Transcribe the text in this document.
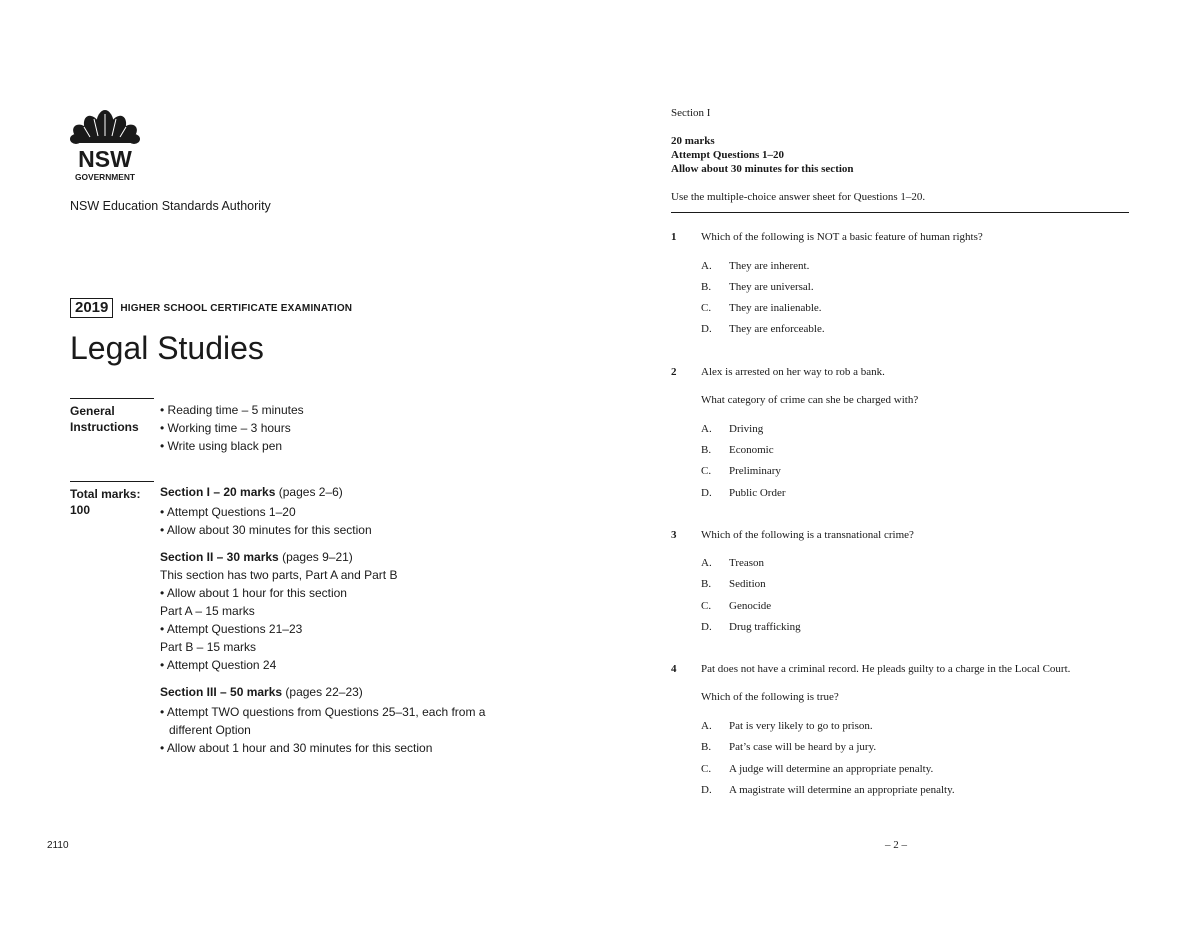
NSW
GOVERNMENT
NSW Education Standards Authority
2019	HIGHER SCHOOL CERTIFICATE EXAMINATION
Legal Studies
General
Instructions
• Reading time – 5 minutes
• Working time – 3 hours
• Write using black pen
Total marks:
100
Section I – 20 marks (pages 2–6)
• Attempt Questions 1–20
• Allow about 30 minutes for this section
Section II – 30 marks (pages 9–21)
This section has two parts, Part A and Part B
• Allow about 1 hour for this section
Part A – 15 marks
• Attempt Questions 21–23
Part B – 15 marks
• Attempt Question 24
Section III – 50 marks (pages 22–23)
• Attempt TWO questions from Questions 25–31, each from a different Option
• Allow about 1 hour and 30 minutes for this section
2110
Section I
20 marks
Attempt Questions 1–20
Allow about 30 minutes for this section
Use the multiple-choice answer sheet for Questions 1–20.
1 Which of the following is NOT a basic feature of human rights?
A. They are inherent.
B. They are universal.
C. They are inalienable.
D. They are enforceable.
2 Alex is arrested on her way to rob a bank.
What category of crime can she be charged with?
A. Driving
B. Economic
C. Preliminary
D. Public Order
3 Which of the following is a transnational crime?
A. Treason
B. Sedition
C. Genocide
D. Drug trafficking
4 Pat does not have a criminal record. He pleads guilty to a charge in the Local Court.
Which of the following is true?
A. Pat is very likely to go to prison.
B. Pat’s case will be heard by a jury.
C. A judge will determine an appropriate penalty.
D. A magistrate will determine an appropriate penalty.
– 2 –
